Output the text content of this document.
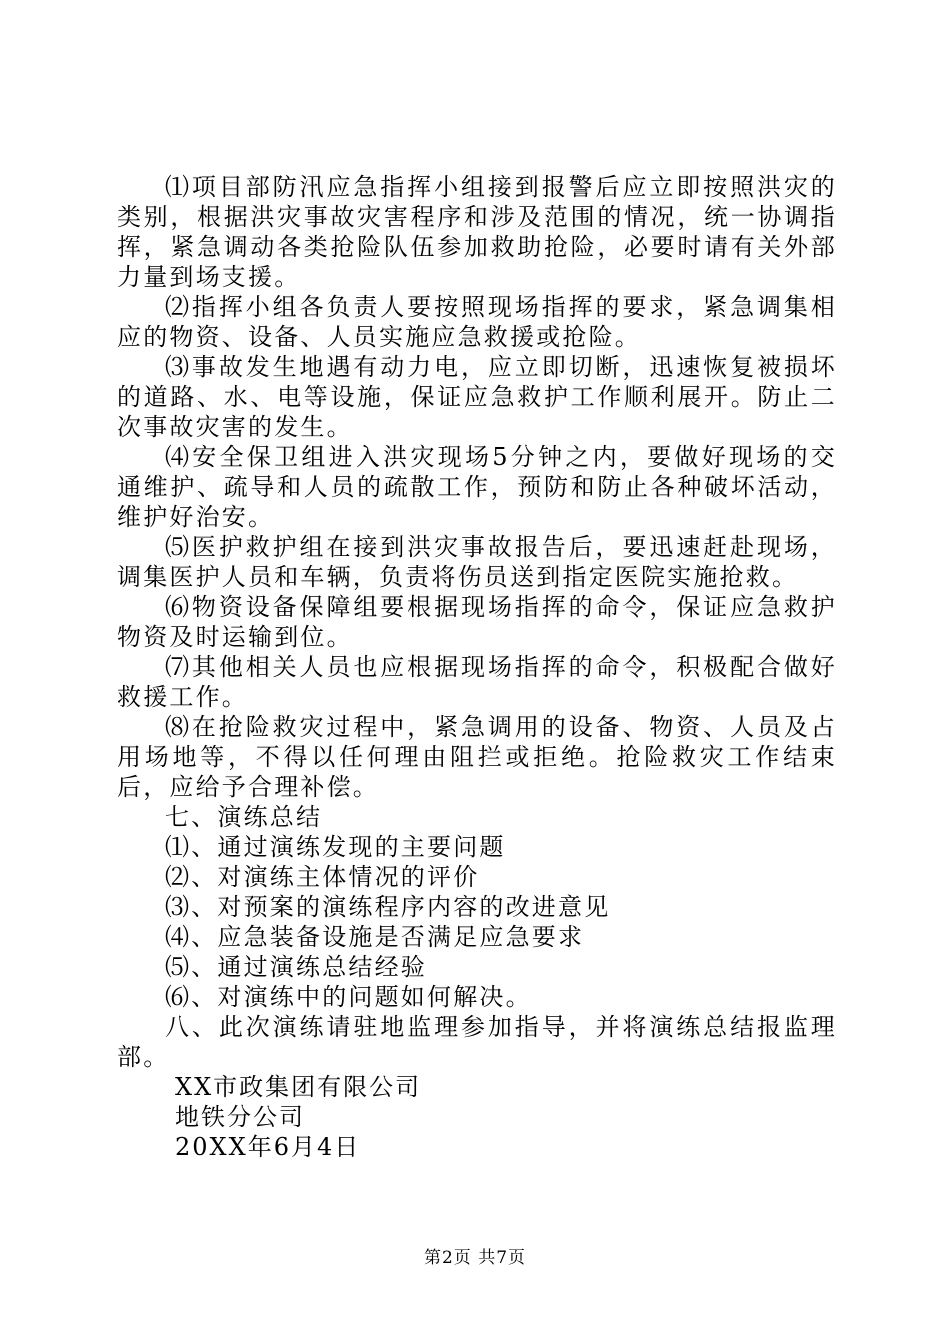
⑴项目部防汛应急指挥小组接到报警后应立即按照洪灾的类别，根据洪灾事故灾害程序和涉及范围的情况，统一协调指挥，紧急调动各类抢险队伍参加救助抢险，必要时请有关外部力量到场支援。

⑵指挥小组各负责人要按照现场指挥的要求，紧急调集相应的物资、设备、人员实施应急救援或抢险。

⑶事故发生地遇有动力电，应立即切断，迅速恢复被损坏的道路、水、电等设施，保证应急救护工作顺利展开。防止二次事故灾害的发生。

⑷安全保卫组进入洪灾现场5分钟之内，要做好现场的交通维护、疏导和人员的疏散工作，预防和防止各种破坏活动，维护好治安。

⑸医护救护组在接到洪灾事故报告后，要迅速赶赴现场，调集医护人员和车辆，负责将伤员送到指定医院实施抢救。

⑹物资设备保障组要根据现场指挥的命令，保证应急救护物资及时运输到位。

⑺其他相关人员也应根据现场指挥的命令，积极配合做好救援工作。

⑻在抢险救灾过程中，紧急调用的设备、物资、人员及占用场地等，不得以任何理由阻拦或拒绝。抢险救灾工作结束后，应给予合理补偿。

七、演练总结

⑴、通过演练发现的主要问题

⑵、对演练主体情况的评价

⑶、对预案的演练程序内容的改进意见

⑷、应急装备设施是否满足应急要求

⑸、通过演练总结经验

⑹、对演练中的问题如何解决。

八、此次演练请驻地监理参加指导，并将演练总结报监理部。

XX市政集团有限公司

地铁分公司

20XX年6月4日

第2页 共7页
